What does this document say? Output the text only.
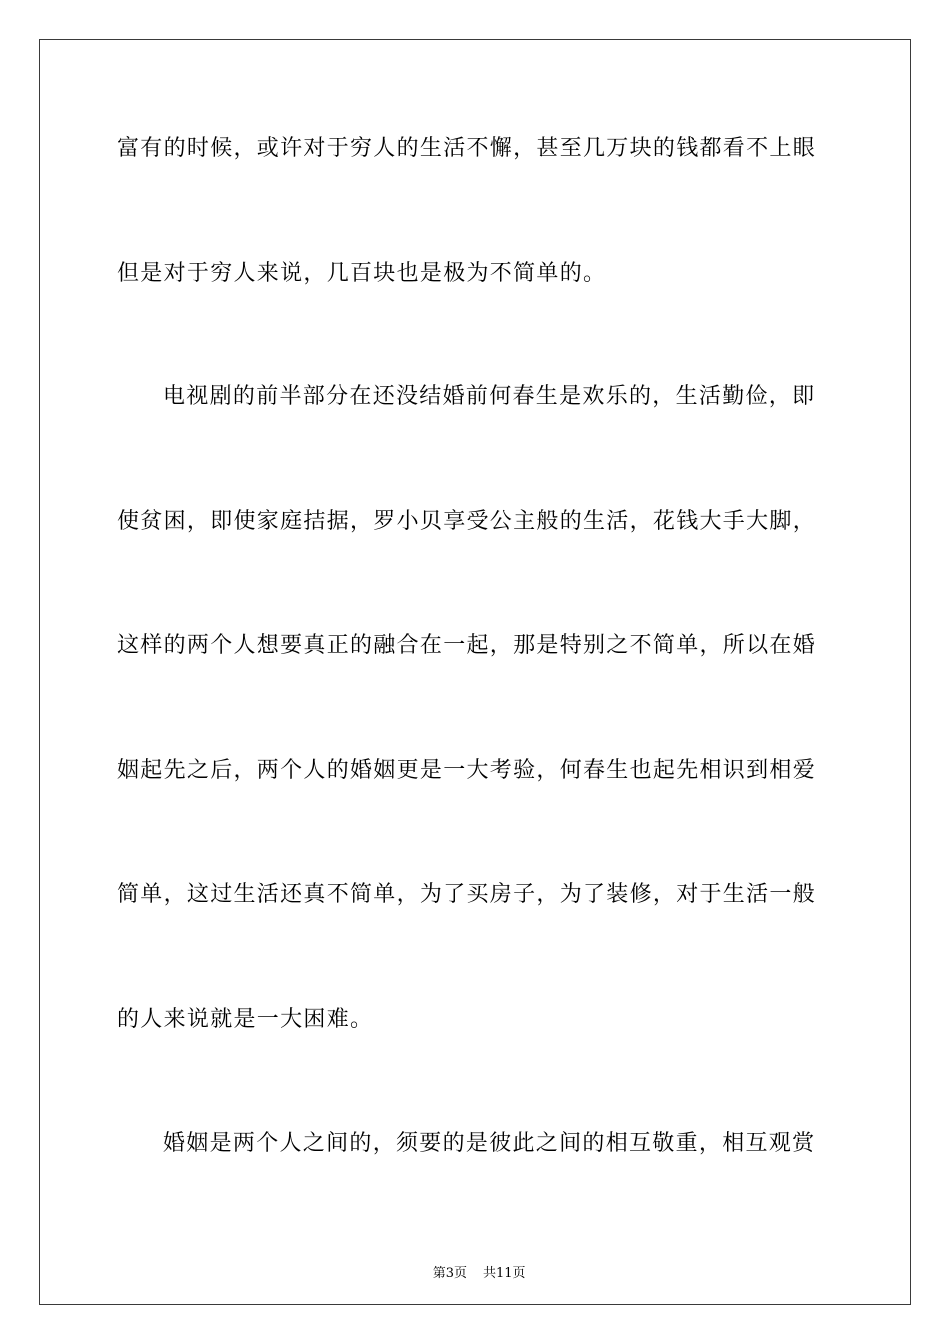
富有的时候，或许对于穷人的生活不懈，甚至几万块的钱都看不上眼
但是对于穷人来说，几百块也是极为不简单的。
电视剧的前半部分在还没结婚前何春生是欢乐的，生活勤俭，即
使贫困，即使家庭拮据，罗小贝享受公主般的生活，花钱大手大脚，
这样的两个人想要真正的融合在一起，那是特别之不简单，所以在婚
姻起先之后，两个人的婚姻更是一大考验，何春生也起先相识到相爱
简单，这过生活还真不简单，为了买房子，为了装修，对于生活一般
的人来说就是一大困难。
婚姻是两个人之间的，须要的是彼此之间的相互敬重，相互观赏

第3页 共11页
